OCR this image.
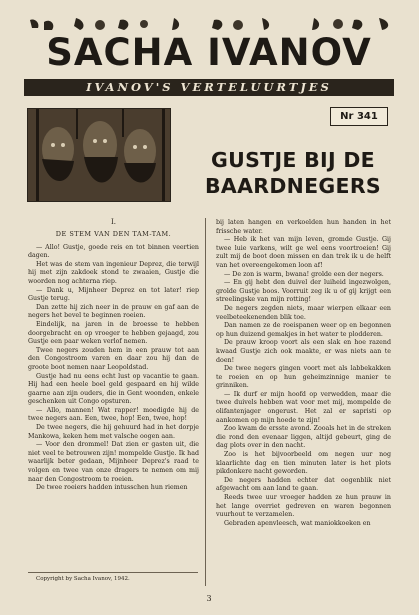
SACHA IVANOV
IVANOV'S VERTELUURTJES
Nr 341
GUSTJE BIJ DE BAARDNEGERS

I.

DE STEM VAN DEN TAM-TAM.

— Allo! Gustje, goede reis en tot binnen veertien dagen.

Het was de stem van ingenieur Deprez, die terwijl hij met zijn zakdoek stond te zwaaien, Gustje die woorden nog achterna riep.

— Dank u, Mijnheer Deprez en tot later! riep Gustje terug.

Dan zette hij zich neer in de prauw en gaf aan de negers het bevel te beginnen roeien.

Eindelijk, na jaren in de broesse te hebben doorgebracht en op vroeger te hebben gejaagd, zou Gustje een paar weken verlof nemen.

Twee negers zouden hem in een prauw tot aan den Congostroom varen en daar zou hij dan de groote boot nemen naar Leopoldstad.

Gustje had nu eens echt lust op vacantie te gaan. Hij had een heele boel geld gespaard en hij wilde gaarne aan zijn ouders, die in Gent woonden, enkele geschenken uit Congo opsturen.

— Allo, mannen! Wat rapper! moedigde hij de twee negers aan. Een, twee, hop! Een, twee, hop!

De twee negers, die hij gehuurd had in het dorpje Mankowa, keken hem met valsche oogen aan.

— Voor den drommel! Dat zien er gasten uit, die niet veel te betrouwen zijn! mompelde Gustje. Ik had waarlijk beter gedaan, Mijnheer Deprez's raad te volgen en twee van onze dragers te nemen om mij naar den Congostroom te roeien.

De twee roeiers hadden intusschen hun riemen

bij laten hangen en verkoelden hun handen in het frissche water.

— Heb ik het van mijn leven, gromde Gustje. Gij twee luie varkens, wilt ge wel eens voortroeien! Gij zult mij de boot doen missen en dan trek ik u de helft van het overeengekomen loon af!

— De zon is warm, bwana! grolde een der negers.

— En gij hebt den duivel der luiheid ingezwolgen, grolde Gustje boos. Voorruit zeg ik u of gij krijgt een streelingske van mijn rotting!

De negers zegden niets, maar wierpen elkaar een veelbeteekenenden blik toe.

Dan namen ze de roeispanen weer op en begonnen op hun duizend gemakjes in het water te plodderen.

De prauw kroop voort als een slak en hoe razend kwaad Gustje zich ook maakte, er was niets aan te doen!

De twee negers gingen voort met als labbekakken te roeien en op hun geheimzinnige manier te grinniken.

— Ik durf er mijn hoofd op verwedden, maar die twee duivels hebben wat voor met mij, mompelde de olifantenjager ongerust. Het zal er sapristi op aankomen op mijn hoede te zijn!

Zoo kwam de ersste avond. Zooals het in de streken die rond den evenaar liggen, altijd gebeurt, ging de dag plots over in den nacht.

Zoo is het bijvoorbeeld om negen uur nog klaarlichte dag en tien minuten later is het plots pikdonkere nacht geworden.

De negers hadden echter dat oogenblik niet afgewacht om aan land te gaan.

Reeds twee uur vroeger hadden ze hun prauw in het lange overriet gedreven en waren begonnen vuurhout te verzamelen.

Gebraden apenvleesch, wat maniokkoeken en

Copyright by Sacha Ivanov, 1942.
3
